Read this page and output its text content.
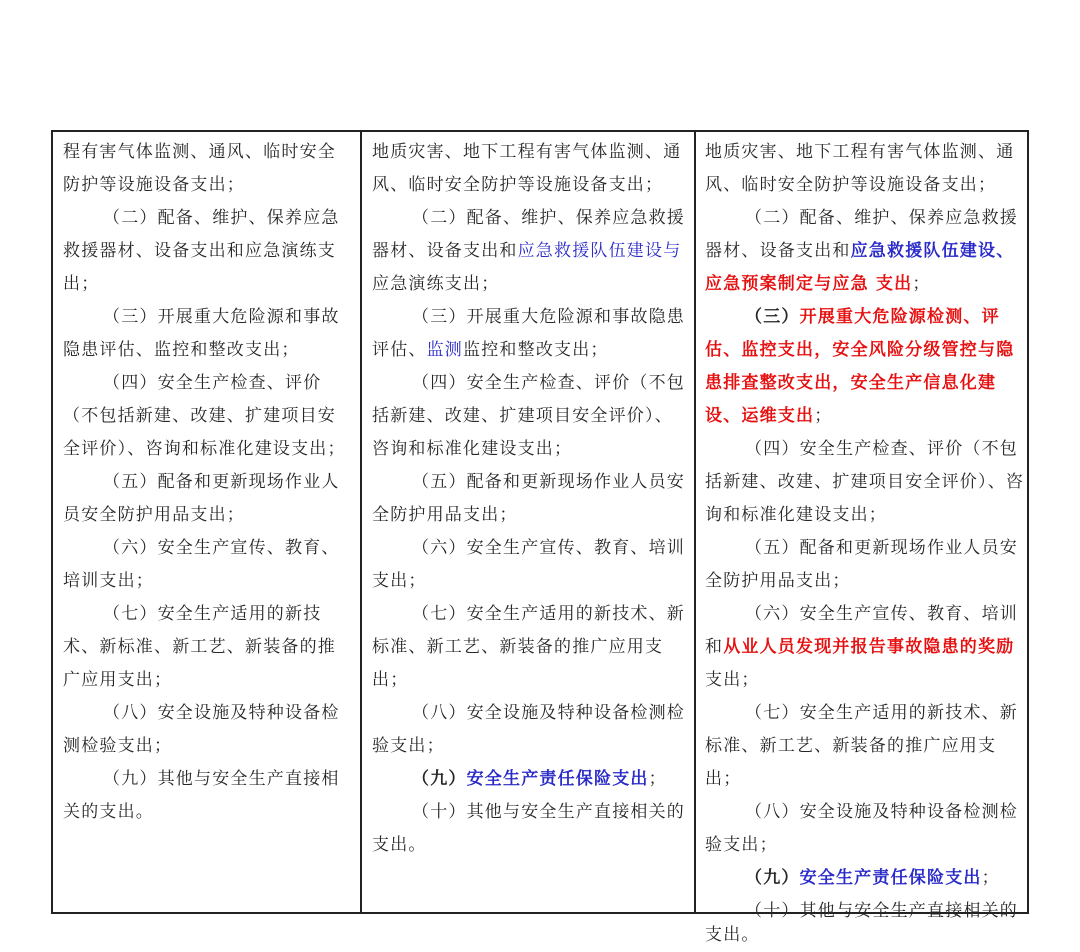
程有害气体监测、通风、临时安全防护等设施设备支出；

（二）配备、维护、保养应急救援器材、设备支出和应急演练支出；

（三）开展重大危险源和事故隐患评估、监控和整改支出；

（四）安全生产检查、评价（不包括新建、改建、扩建项目安全评价）、咨询和标准化建设支出；

（五）配备和更新现场作业人员安全防护用品支出；

（六）安全生产宣传、教育、培训支出；

（七）安全生产适用的新技术、新标准、新工艺、新装备的推广应用支出；

（八）安全设施及特种设备检测检验支出；

（九）其他与安全生产直接相关的支出。

地质灾害、地下工程有害气体监测、通风、临时安全防护等设施设备支出；

（二）配备、维护、保养应急救援器材、设备支出和应急救援队伍建设与应急演练支出；

（三）开展重大危险源和事故隐患评估、监测监控和整改支出；

（四）安全生产检查、评价（不包括新建、改建、扩建项目安全评价）、咨询和标准化建设支出；

（五）配备和更新现场作业人员安全防护用品支出；

（六）安全生产宣传、教育、培训支出；

（七）安全生产适用的新技术、新标准、新工艺、新装备的推广应用支出；

（八）安全设施及特种设备检测检验支出；

（九）安全生产责任保险支出；

（十）其他与安全生产直接相关的支出。

地质灾害、地下工程有害气体监测、通风、临时安全防护等设施设备支出；

（二）配备、维护、保养应急救援器材、设备支出和应急救援队伍建设、应急预案制定与应急 支出；

（三）开展重大危险源检测、评估、监控支出，安全风险分级管控与隐患排查整改支出，安全生产信息化建设、运维支出；

（四）安全生产检查、评价（不包括新建、改建、扩建项目安全评价）、咨询和标准化建设支出；

（五）配备和更新现场作业人员安全防护用品支出；

（六）安全生产宣传、教育、培训和从业人员发现并报告事故隐患的奖励支出；

（七）安全生产适用的新技术、新标准、新工艺、新装备的推广应用支出；

（八）安全设施及特种设备检测检验支出；

（九）安全生产责任保险支出；

（十）其他与安全生产直接相关的支出。
